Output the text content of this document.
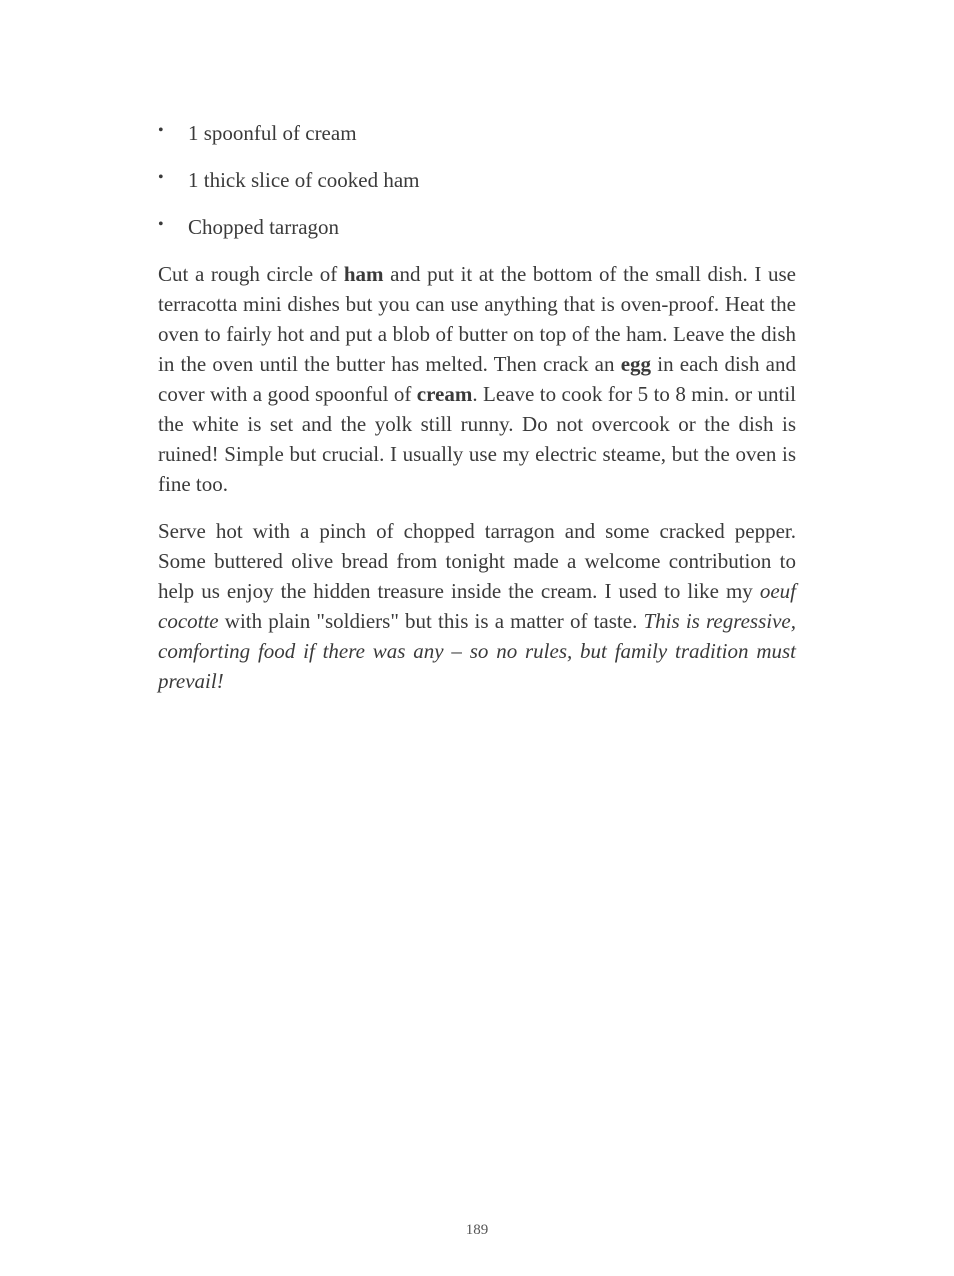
• 1 spoonful of cream
• 1 thick slice of cooked ham
• Chopped tarragon

Cut a rough circle of ham and put it at the bottom of the small dish. I use terracotta mini dishes but you can use anything that is oven-proof. Heat the oven to fairly hot and put a blob of butter on top of the ham. Leave the dish in the oven until the butter has melted. Then crack an egg in each dish and cover with a good spoonful of cream. Leave to cook for 5 to 8 min. or until the white is set and the yolk still runny. Do not overcook or the dish is ruined! Simple but crucial. I usually use my electric steame, but the oven is fine too.

Serve hot with a pinch of chopped tarragon and some cracked pepper. Some buttered olive bread from tonight made a welcome contribution to help us enjoy the hidden treasure inside the cream. I used to like my oeuf cocotte with plain "soldiers" but this is a matter of taste. This is regressive, comforting food if there was any – so no rules, but family tradition must prevail!

189
